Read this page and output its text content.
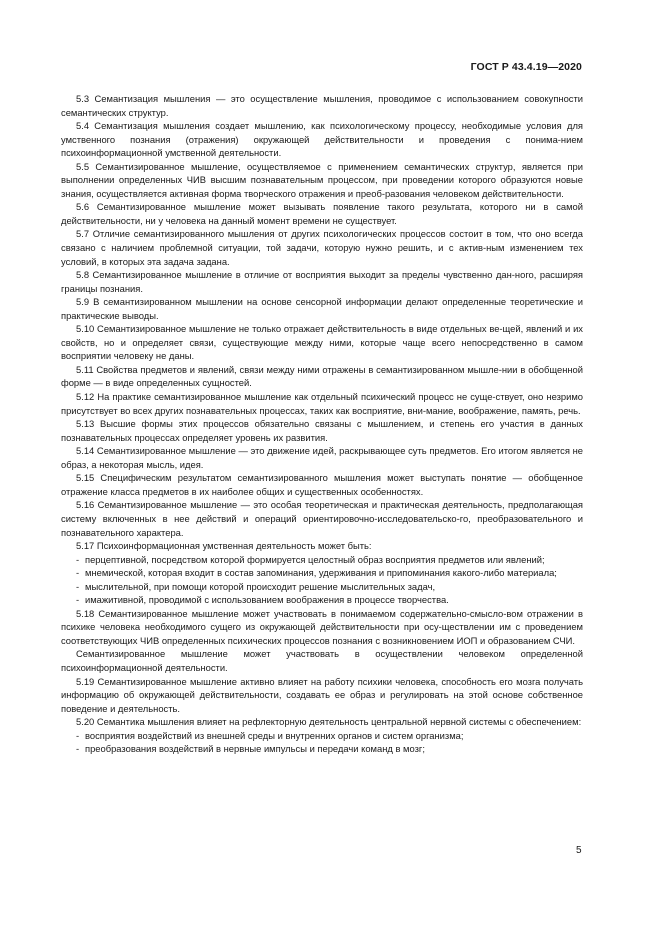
ГОСТ Р 43.4.19—2020

5.3 Семантизация мышления — это осуществление мышления, проводимое с использованием совокупности семантических структур.

5.4 Семантизация мышления создает мышлению, как психологическому процессу, необходимые условия для умственного познания (отражения) окружающей действительности и проведения с понима-нием психоинформационной умственной деятельности.

5.5 Семантизированное мышление, осуществляемое с применением семантических структур, является при выполнении определенных ЧИВ высшим познавательным процессом, при проведении которого образуются новые знания, осуществляется активная форма творческого отражения и преоб-разования человеком действительности.

5.6 Семантизированное мышление может вызывать появление такого результата, которого ни в самой действительности, ни у человека на данный момент времени не существует.

5.7 Отличие семантизированного мышления от других психологических процессов состоит в том, что оно всегда связано с наличием проблемной ситуации, той задачи, которую нужно решить, и с актив-ным изменением тех условий, в которых эта задача задана.

5.8 Семантизированное мышление в отличие от восприятия выходит за пределы чувственно дан-ного, расширяя границы познания.

5.9 В семантизированном мышлении на основе сенсорной информации делают определенные теоретические и практические выводы.

5.10 Семантизированное мышление не только отражает действительность в виде отдельных ве-щей, явлений и их свойств, но и определяет связи, существующие между ними, которые чаще всего непосредственно в самом восприятии человеку не даны.

5.11 Свойства предметов и явлений, связи между ними отражены в семантизированном мышле-нии в обобщенной форме — в виде определенных сущностей.

5.12 На практике семантизированное мышление как отдельный психический процесс не суще-ствует, оно незримо присутствует во всех других познавательных процессах, таких как восприятие, вни-мание, воображение, память, речь.

5.13 Высшие формы этих процессов обязательно связаны с мышлением, и степень его участия в данных познавательных процессах определяет уровень их развития.

5.14 Семантизированное мышление — это движение идей, раскрывающее суть предметов. Его итогом является не образ, а некоторая мысль, идея.

5.15 Специфическим результатом семантизированного мышления может выступать понятие — обобщенное отражение класса предметов в их наиболее общих и существенных особенностях.

5.16 Семантизированное мышление — это особая теоретическая и практическая деятельность, предполагающая систему включенных в нее действий и операций ориентировочно-исследовательско-го, преобразовательного и познавательного характера.

5.17 Психоинформационная умственная деятельность может быть:

- перцептивной, посредством которой формируется целостный образ восприятия предметов или явлений;

- мнемической, которая входит в состав запоминания, удерживания и припоминания какого-либо материала;

- мыслительной, при помощи которой происходит решение мыслительных задач,

- имажитивной, проводимой с использованием воображения в процессе творчества.

5.18 Семантизированное мышление может участвовать в понимаемом содержательно-смысло-вом отражении в психике человека необходимого сущего из окружающей действительности при осу-ществлении им с проведением соответствующих ЧИВ определенных психических процессов познания с возникновением ИОП и образованием СЧИ.

Семантизированное мышление может участвовать в осуществлении человеком определенной психоинформационной деятельности.

5.19 Семантизированное мышление активно влияет на работу психики человека, способность его мозга получать информацию об окружающей действительности, создавать ее образ и регулировать на этой основе собственное поведение и деятельность.

5.20 Семантика мышления влияет на рефлекторную деятельность центральной нервной системы с обеспечением:

- восприятия воздействий из внешней среды и внутренних органов и систем организма;

- преобразования воздействий в нервные импульсы и передачи команд в мозг;

5
